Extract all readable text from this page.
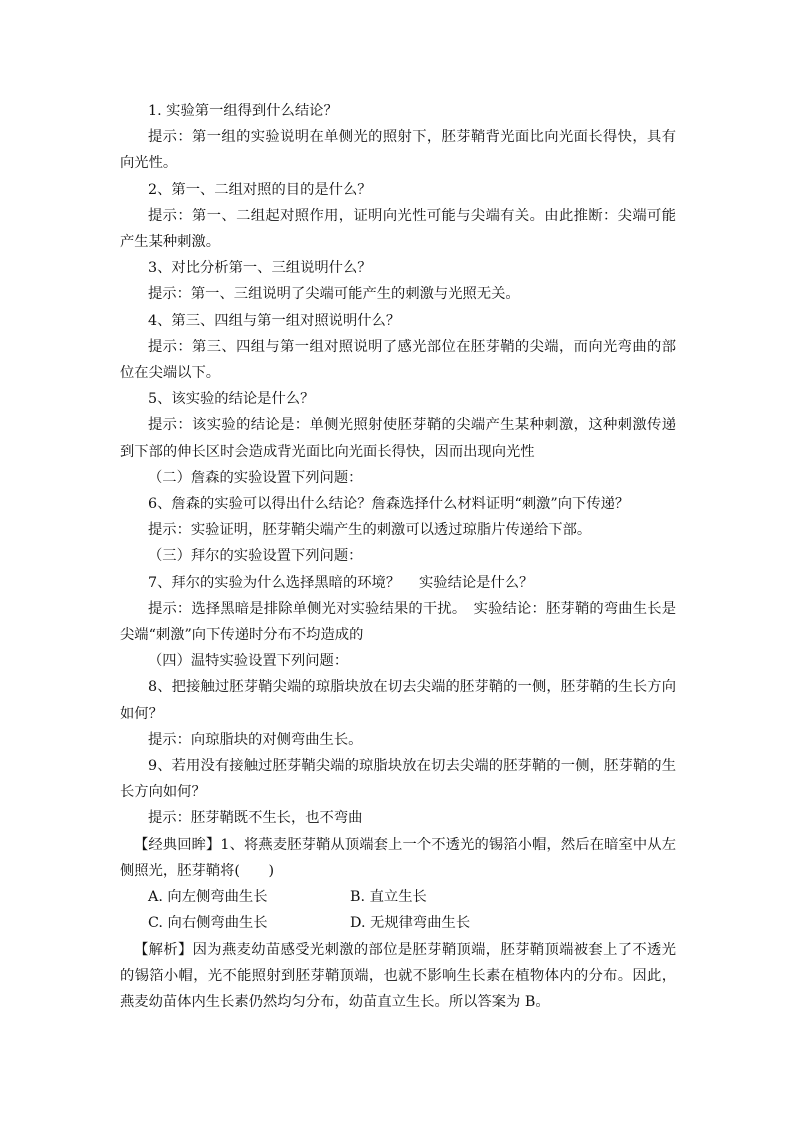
1. 实验第一组得到什么结论？

提示：第一组的实验说明在单侧光的照射下，胚芽鞘背光面比向光面长得快，具有向光性。

2、第一、二组对照的目的是什么？

提示：第一、二组起对照作用，证明向光性可能与尖端有关。由此推断：尖端可能产生某种刺激。

3、对比分析第一、三组说明什么？

提示：第一、三组说明了尖端可能产生的刺激与光照无关。

4、第三、四组与第一组对照说明什么？

提示：第三、四组与第一组对照说明了感光部位在胚芽鞘的尖端，而向光弯曲的部位在尖端以下。

5、该实验的结论是什么？

提示：该实验的结论是：单侧光照射使胚芽鞘的尖端产生某种刺激，这种刺激传递到下部的伸长区时会造成背光面比向光面长得快，因而出现向光性

（二）詹森的实验设置下列问题：

6、詹森的实验可以得出什么结论？詹森选择什么材料证明“刺激”向下传递？

提示：实验证明，胚芽鞘尖端产生的刺激可以透过琼脂片传递给下部。

（三）拜尔的实验设置下列问题：

7、拜尔的实验为什么选择黑暗的环境？　 实验结论是什么？

提示：选择黑暗是排除单侧光对实验结果的干扰。　实验结论：胚芽鞘的弯曲生长是尖端“刺激”向下传递时分布不均造成的

（四）温特实验设置下列问题：

8、把接触过胚芽鞘尖端的琼脂块放在切去尖端的胚芽鞘的一侧，胚芽鞘的生长方向如何？

提示：向琼脂块的对侧弯曲生长。

9、若用没有接触过胚芽鞘尖端的琼脂块放在切去尖端的胚芽鞘的一侧，胚芽鞘的生长方向如何？

提示：胚芽鞘既不生长，也不弯曲

【经典回眸】1、将燕麦胚芽鞘从顶端套上一个不透光的锡箔小帽，然后在暗室中从左侧照光，胚芽鞘将(　　)

A. 向左侧弯曲生长	B. 直立生长
C. 向右侧弯曲生长	D. 无规律弯曲生长

【解析】因为燕麦幼苗感受光刺激的部位是胚芽鞘顶端，胚芽鞘顶端被套上了不透光的锡箔小帽，光不能照射到胚芽鞘顶端，也就不影响生长素在植物体内的分布。因此，燕麦幼苗体内生长素仍然均匀分布，幼苗直立生长。所以答案为 B。
